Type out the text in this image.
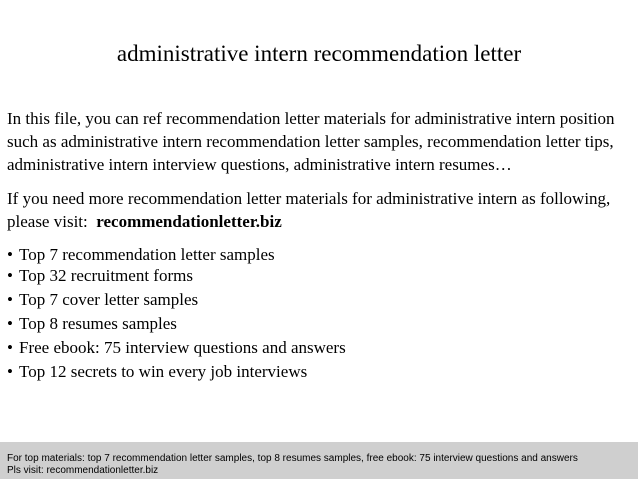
administrative intern recommendation letter
In this file, you can ref recommendation letter materials for administrative intern position such as administrative intern recommendation letter samples, recommendation letter tips, administrative intern interview questions, administrative intern resumes…
If you need more recommendation letter materials for administrative intern as following, please visit: recommendationletter.biz
• Top 7 recommendation letter samples
• Top 32 recruitment forms
• Top 7 cover letter samples
• Top 8 resumes samples
• Free ebook: 75 interview questions and answers
• Top 12 secrets to win every job interviews
For top materials: top 7 recommendation letter samples, top 8 resumes samples, free ebook: 75 interview questions and answers
Pls visit: recommendationletter.biz
